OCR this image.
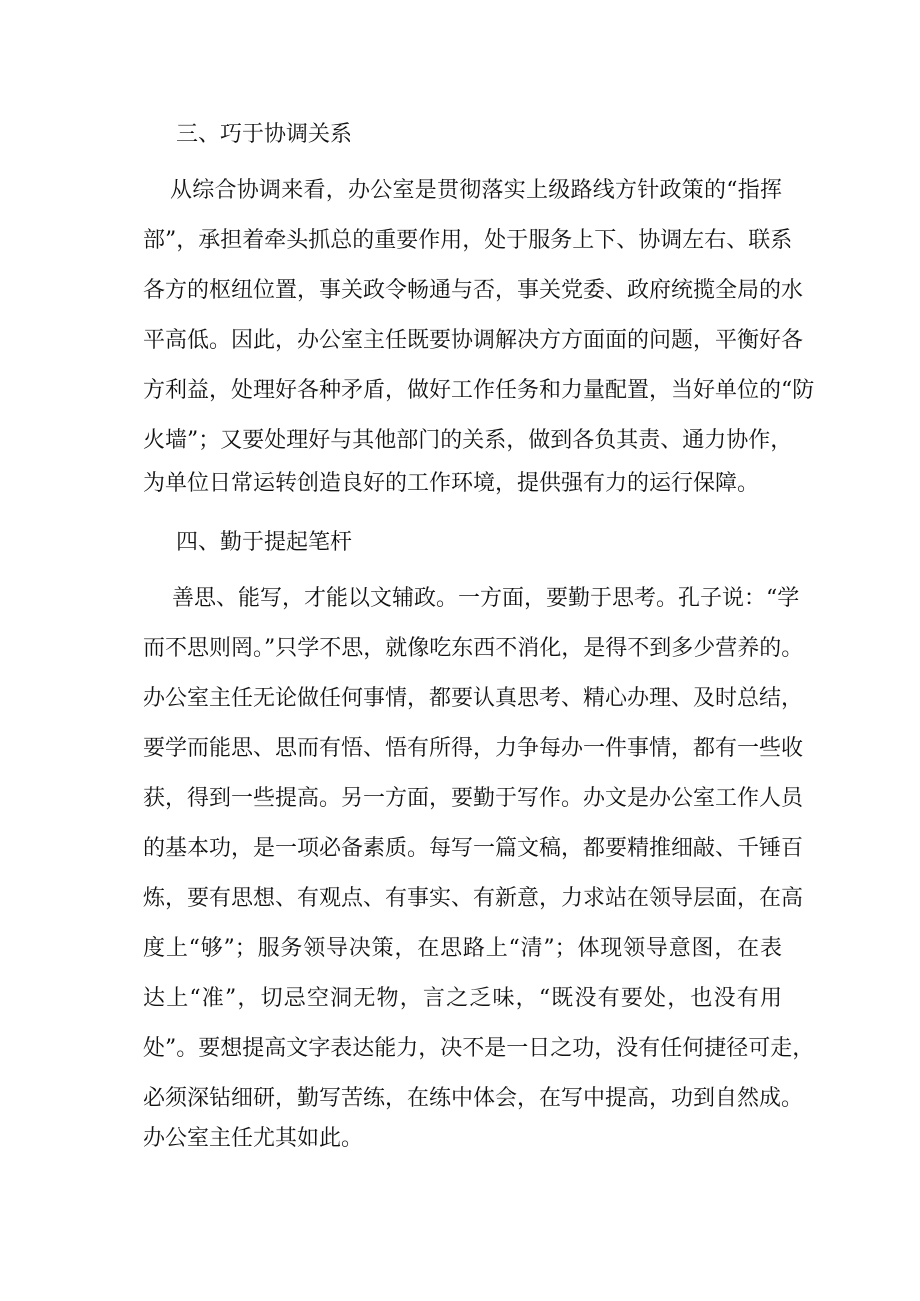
三、巧于协调关系
从综合协调来看，办公室是贯彻落实上级路线方针政策的“指挥
部”，承担着牵头抓总的重要作用，处于服务上下、协调左右、联系
各方的枢纽位置，事关政令畅通与否，事关党委、政府统揽全局的水
平高低。因此，办公室主任既要协调解决方方面面的问题，平衡好各
方利益，处理好各种矛盾，做好工作任务和力量配置，当好单位的“防
火墙”；又要处理好与其他部门的关系，做到各负其责、通力协作，
为单位日常运转创造良好的工作环境，提供强有力的运行保障。
四、勤于提起笔杆
善思、能写，才能以文辅政。一方面，要勤于思考。孔子说：“学
而不思则罔。”只学不思，就像吃东西不消化，是得不到多少营养的。
办公室主任无论做任何事情，都要认真思考、精心办理、及时总结，
要学而能思、思而有悟、悟有所得，力争每办一件事情，都有一些收
获，得到一些提高。另一方面，要勤于写作。办文是办公室工作人员
的基本功，是一项必备素质。每写一篇文稿，都要精推细敲、千锤百
炼，要有思想、有观点、有事实、有新意，力求站在领导层面，在高
度上“够”；服务领导决策，在思路上“清”；体现领导意图，在表
达上“准”，切忌空洞无物，言之乏味，“既没有要处，也没有用
处”。要想提高文字表达能力，决不是一日之功，没有任何捷径可走，
必须深钻细研，勤写苦练，在练中体会，在写中提高，功到自然成。
办公室主任尤其如此。
